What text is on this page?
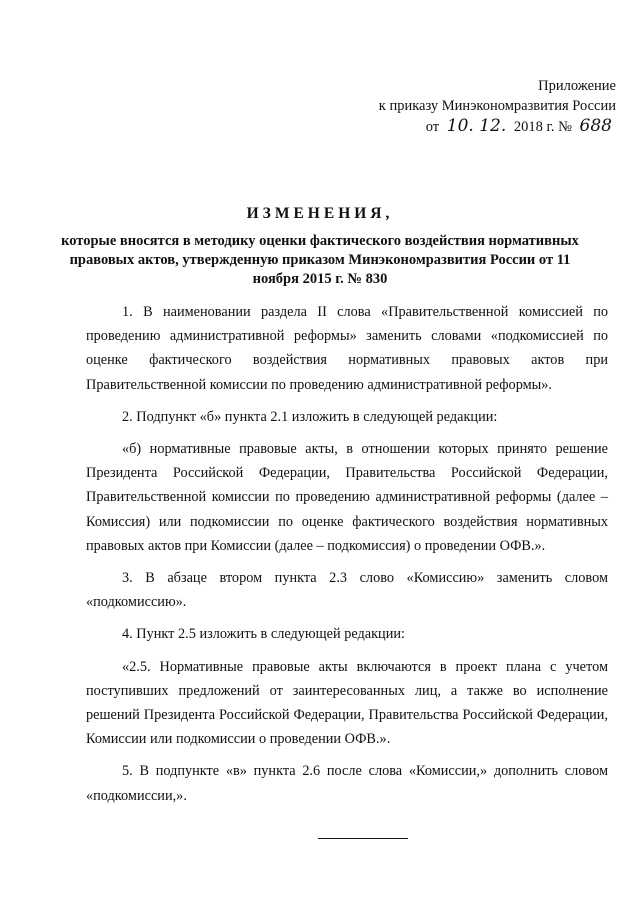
Приложение
к приказу Минэкономразвития России
от 10. 12. 2018 г. № 688
ИЗМЕНЕНИЯ,
которые вносятся в методику оценки фактического воздействия нормативных правовых актов, утвержденную приказом Минэкономразвития России от 11 ноября 2015 г. № 830

1. В наименовании раздела II слова «Правительственной комиссией по проведению административной реформы» заменить словами «подкомиссией по оценке фактического воздействия нормативных правовых актов при Правительственной комиссии по проведению административной реформы».

2. Подпункт «б» пункта 2.1 изложить в следующей редакции:

«б) нормативные правовые акты, в отношении которых принято решение Президента Российской Федерации, Правительства Российской Федерации, Правительственной комиссии по проведению административной реформы (далее – Комиссия) или подкомиссии по оценке фактического воздействия нормативных правовых актов при Комиссии (далее – подкомиссия) о проведении ОФВ.».

3. В абзаце втором пункта 2.3 слово «Комиссию» заменить словом «подкомиссию».

4. Пункт 2.5 изложить в следующей редакции:

«2.5. Нормативные правовые акты включаются в проект плана с учетом поступивших предложений от заинтересованных лиц, а также во исполнение решений Президента Российской Федерации, Правительства Российской Федерации, Комиссии или подкомиссии о проведении ОФВ.».

5. В подпункте «в» пункта 2.6 после слова «Комиссии,» дополнить словом «подкомиссии,».
